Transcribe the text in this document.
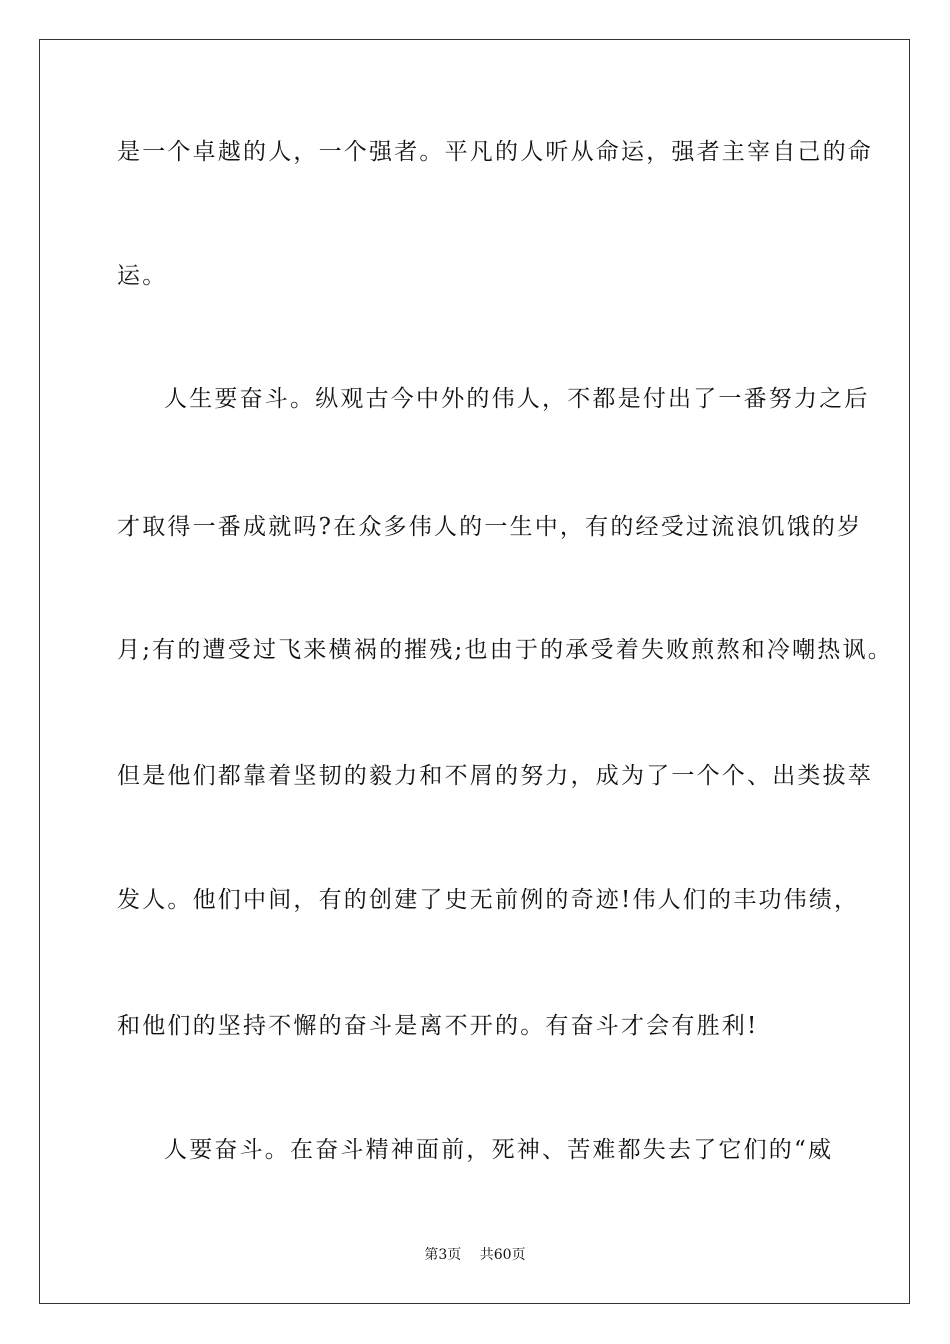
是一个卓越的人，一个强者。平凡的人听从命运，强者主宰自己的命
运。
人生要奋斗。纵观古今中外的伟人，不都是付出了一番努力之后
才取得一番成就吗?在众多伟人的一生中，有的经受过流浪饥饿的岁
月;有的遭受过飞来横祸的摧残;也由于的承受着失败煎熬和冷嘲热讽。
但是他们都靠着坚韧的毅力和不屑的努力，成为了一个个、出类拔萃
发人。他们中间，有的创建了史无前例的奇迹!伟人们的丰功伟绩，
和他们的坚持不懈的奋斗是离不开的。有奋斗才会有胜利!
人要奋斗。在奋斗精神面前，死神、苦难都失去了它们的“威
第3页 共60页
